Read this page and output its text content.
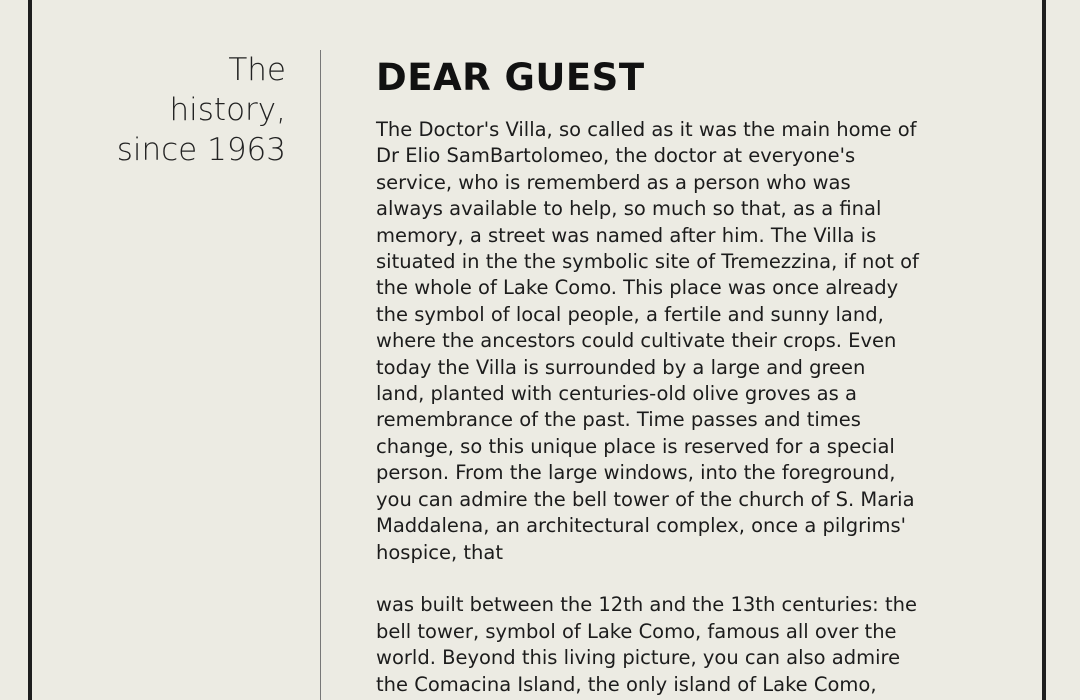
The
history,
since 1963
DEAR GUEST

The Doctor's Villa, so called as it was the main home of
Dr Elio SamBartolomeo, the doctor at everyone's
service, who is rememberd as a person who was
always available to help, so much so that, as a final
memory, a street was named after him. The Villa is
situated in the the symbolic site of Tremezzina, if not of
the whole of Lake Como. This place was once already
the symbol of local people, a fertile and sunny land,
where the ancestors could cultivate their crops. Even
today the Villa is surrounded by a large and green
land, planted with centuries-old olive groves as a
remembrance of the past. Time passes and times
change, so this unique place is reserved for a special
person. From the large windows, into the foreground,
you can admire the bell tower of the church of S. Maria
Maddalena, an architectural complex, once a pilgrims'
hospice, that

was built between the 12th and the 13th centuries: the
bell tower, symbol of Lake Como, famous all over the
world. Beyond this living picture, you can also admire
the Comacina Island, the only island of Lake Como,
